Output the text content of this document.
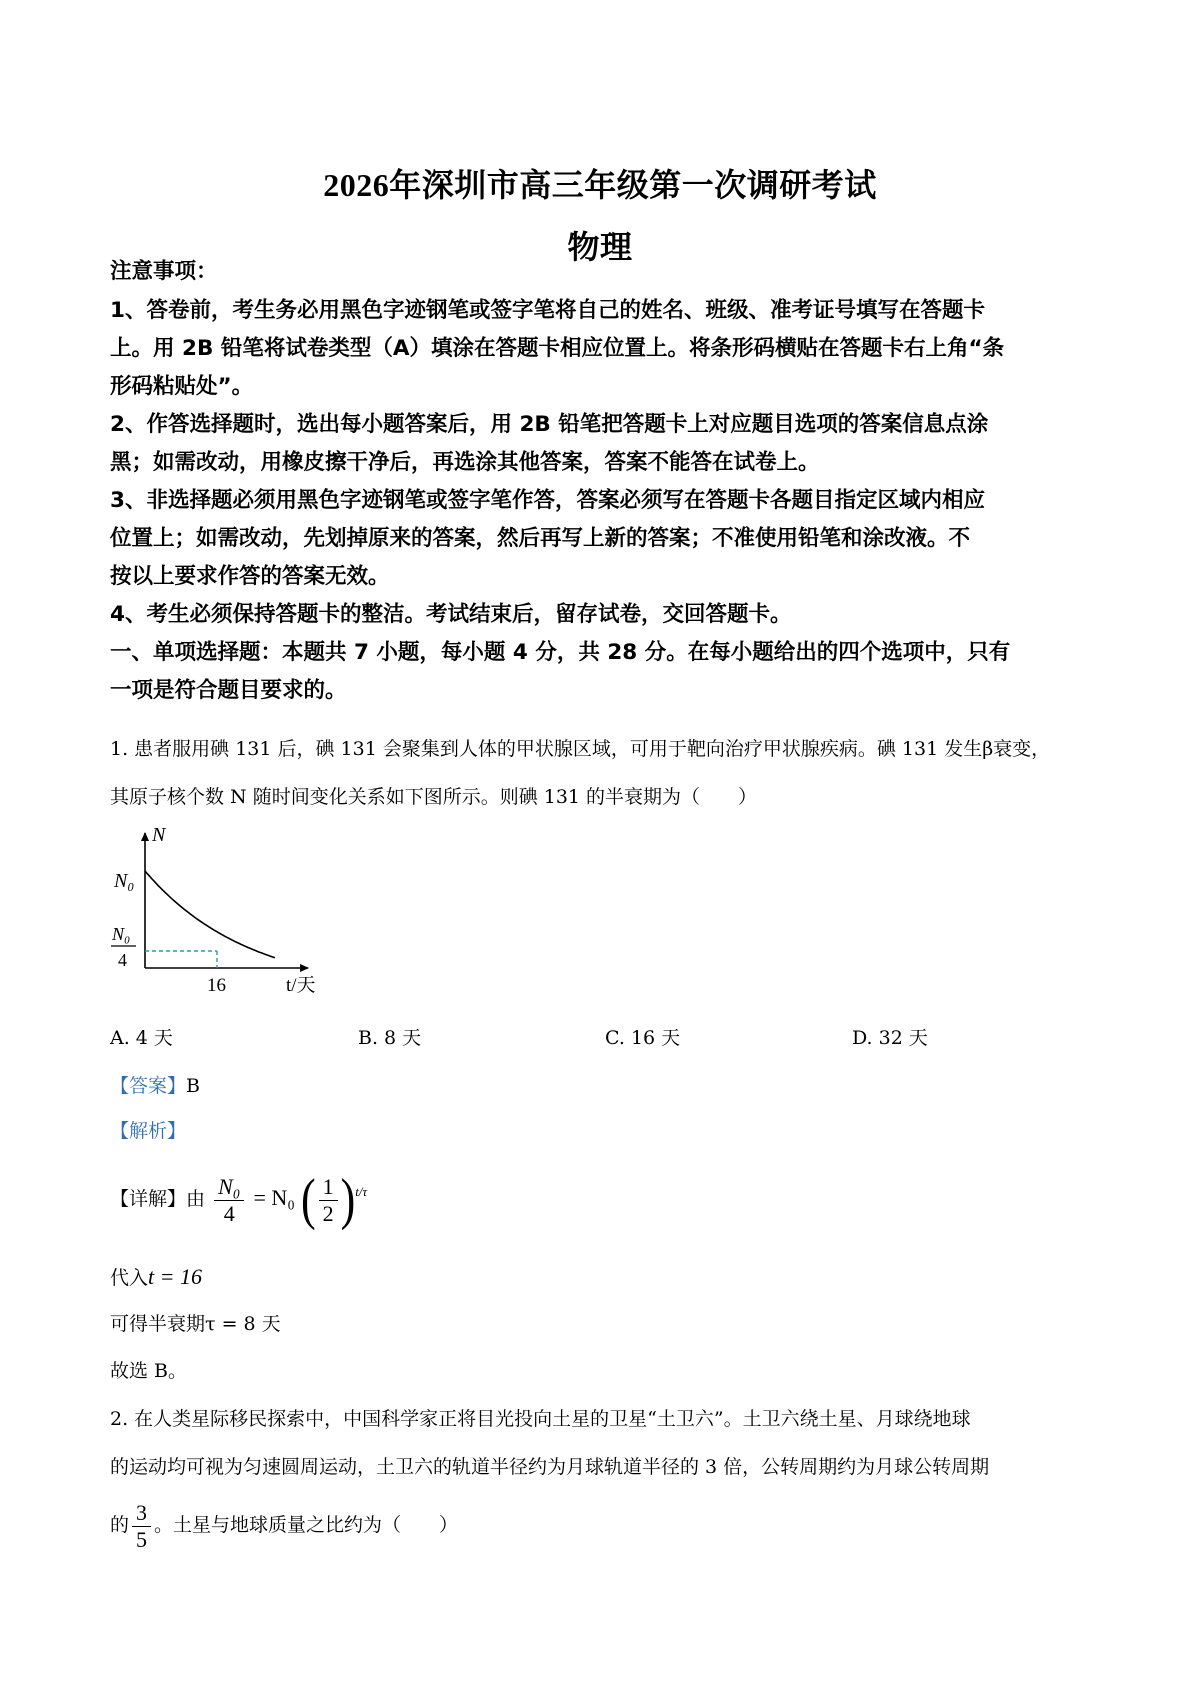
2026年深圳市高三年级第一次调研考试
物理
注意事项：
1、答卷前，考生务必用黑色字迹钢笔或签字笔将自己的姓名、班级、准考证号填写在答题卡
上。用 2B 铅笔将试卷类型（A）填涂在答题卡相应位置上。将条形码横贴在答题卡右上角“条
形码粘贴处”。
2、作答选择题时，选出每小题答案后，用 2B 铅笔把答题卡上对应题目选项的答案信息点涂
黑；如需改动，用橡皮擦干净后，再选涂其他答案，答案不能答在试卷上。
3、非选择题必须用黑色字迹钢笔或签字笔作答，答案必须写在答题卡各题目指定区域内相应
位置上；如需改动，先划掉原来的答案，然后再写上新的答案；不准使用铅笔和涂改液。不
按以上要求作答的答案无效。
4、考生必须保持答题卡的整洁。考试结束后，留存试卷，交回答题卡。
一、单项选择题：本题共 7 小题，每小题 4 分，共 28 分。在每小题给出的四个选项中，只有
一项是符合题目要求的。
1. 患者服用碘 131 后，碘 131 会聚集到人体的甲状腺区域，可用于靶向治疗甲状腺疾病。碘 131 发生β衰变，
其原子核个数 N 随时间变化关系如下图所示。则碘 131 的半衰期为（　　）
N
N₀
N₀
4
16	t/天
A. 4 天	B. 8 天	C. 16 天	D. 32 天
【答案】B
【解析】
【详解】由 $\frac{\text{N₀}}{4} = N_0$ ( $\frac{1}{2} )t/\tau$
代入t = 16
可得半衰期τ = 8 天
故选 B。
2. 在人类星际移民探索中，中国科学家正将目光投向土星的卫星“土卫六”。土卫六绕土星、月球绕地球
的运动均可视为匀速圆周运动，土卫六的轨道半径约为月球轨道半径的 3 倍，公转周期约为月球公转周期
的 $\frac{3}{5}$ 。土星与地球质量之比约为（　　）
